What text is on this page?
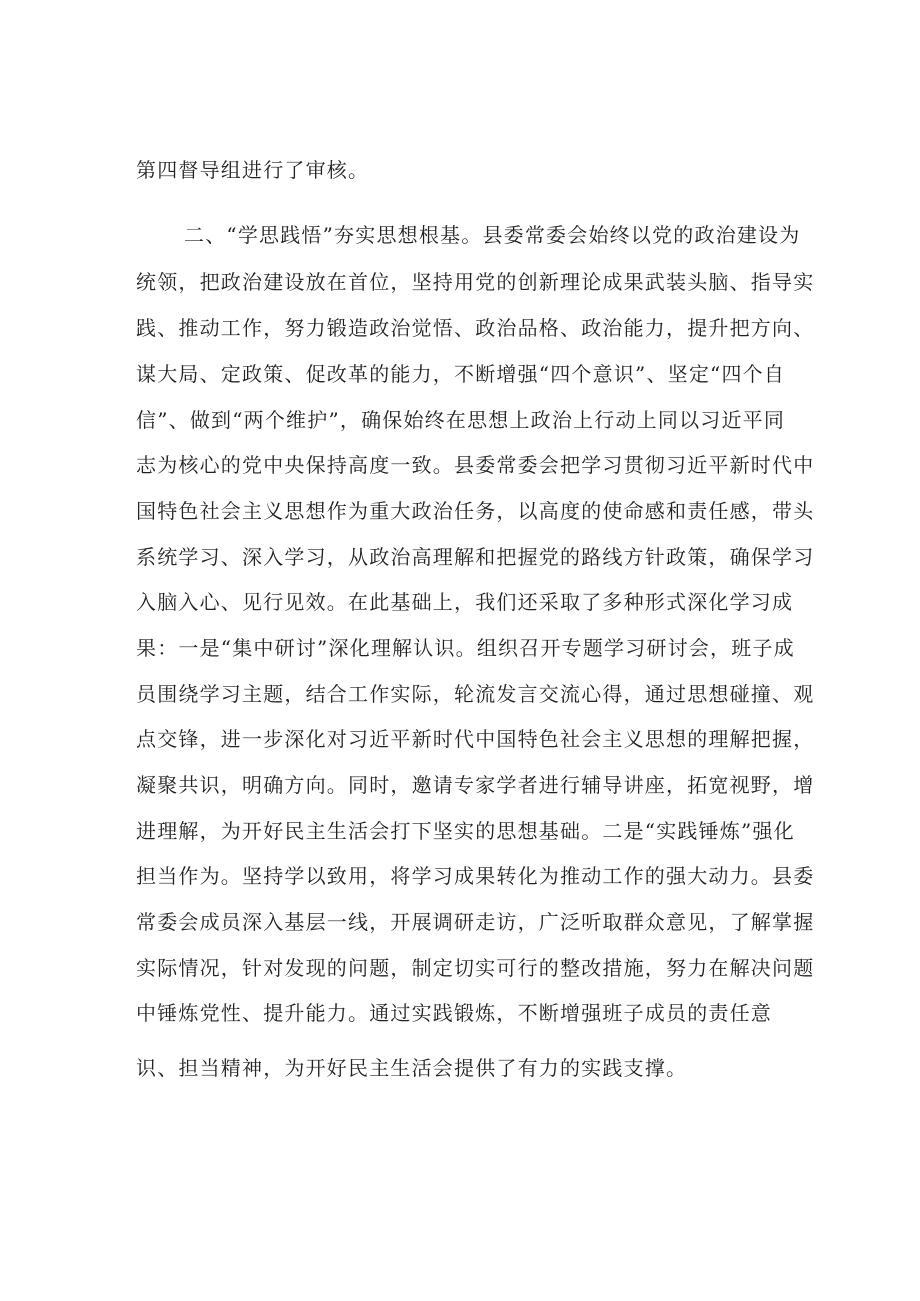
第四督导组进行了审核。

二、“学思践悟”夯实思想根基。县委常委会始终以党的政治建设为

统领，把政治建设放在首位，坚持用党的创新理论成果武装头脑、指导实

践、推动工作，努力锻造政治觉悟、政治品格、政治能力，提升把方向、

谋大局、定政策、促改革的能力，不断增强“四个意识”、坚定“四个自

信”、做到“两个维护”，确保始终在思想上政治上行动上同以习近平同

志为核心的党中央保持高度一致。县委常委会把学习贯彻习近平新时代中

国特色社会主义思想作为重大政治任务，以高度的使命感和责任感，带头

系统学习、深入学习，从政治高理解和把握党的路线方针政策，确保学习

入脑入心、见行见效。在此基础上，我们还采取了多种形式深化学习成

果：一是“集中研讨”深化理解认识。组织召开专题学习研讨会，班子成

员围绕学习主题，结合工作实际，轮流发言交流心得，通过思想碰撞、观

点交锋，进一步深化对习近平新时代中国特色社会主义思想的理解把握，

凝聚共识，明确方向。同时，邀请专家学者进行辅导讲座，拓宽视野，增

进理解，为开好民主生活会打下坚实的思想基础。二是“实践锤炼”强化

担当作为。坚持学以致用，将学习成果转化为推动工作的强大动力。县委

常委会成员深入基层一线，开展调研走访，广泛听取群众意见，了解掌握

实际情况，针对发现的问题，制定切实可行的整改措施，努力在解决问题

中锤炼党性、提升能力。通过实践锻炼，不断增强班子成员的责任意

识、担当精神，为开好民主生活会提供了有力的实践支撑。
